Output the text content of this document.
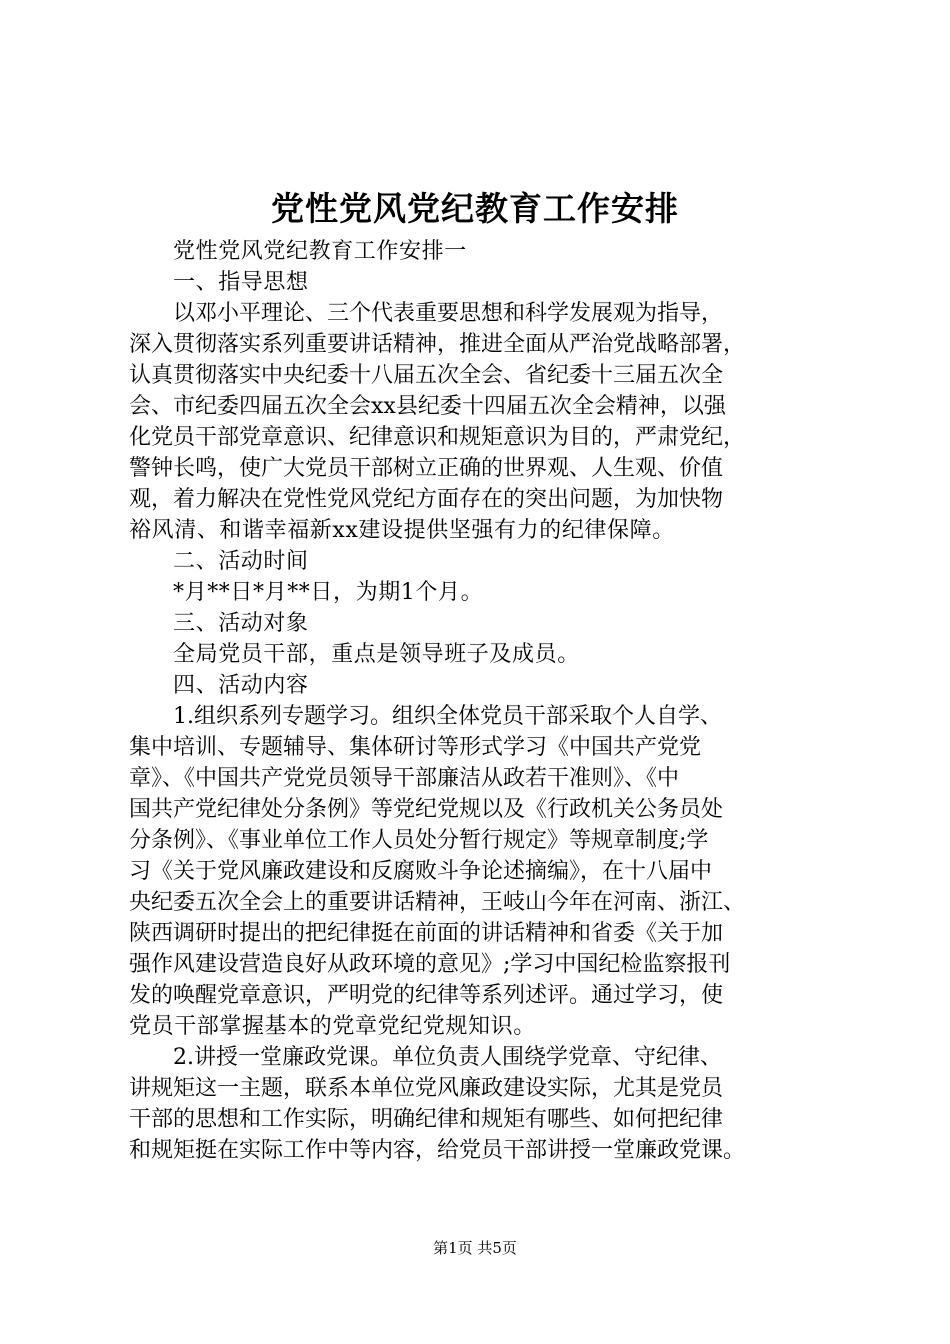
党性党风党纪教育工作安排
党性党风党纪教育工作安排一
一、指导思想
以邓小平理论、三个代表重要思想和科学发展观为指导，
深入贯彻落实系列重要讲话精神，推进全面从严治党战略部署，
认真贯彻落实中央纪委十八届五次全会、省纪委十三届五次全
会、市纪委四届五次全会xx县纪委十四届五次全会精神，以强
化党员干部党章意识、纪律意识和规矩意识为目的，严肃党纪，
警钟长鸣，使广大党员干部树立正确的世界观、人生观、价值
观，着力解决在党性党风党纪方面存在的突出问题，为加快物
裕风清、和谐幸福新xx建设提供坚强有力的纪律保障。
二、活动时间
*月**日*月**日，为期1个月。
三、活动对象
全局党员干部，重点是领导班子及成员。
四、活动内容
1.组织系列专题学习。组织全体党员干部采取个人自学、
集中培训、专题辅导、集体研讨等形式学习《中国共产党党
章》、《中国共产党党员领导干部廉洁从政若干准则》、《中
国共产党纪律处分条例》等党纪党规以及《行政机关公务员处
分条例》、《事业单位工作人员处分暂行规定》等规章制度;学
习《关于党风廉政建设和反腐败斗争论述摘编》，在十八届中
央纪委五次全会上的重要讲话精神，王岐山今年在河南、浙江、
陕西调研时提出的把纪律挺在前面的讲话精神和省委《关于加
强作风建设营造良好从政环境的意见》;学习中国纪检监察报刊
发的唤醒党章意识，严明党的纪律等系列述评。通过学习，使
党员干部掌握基本的党章党纪党规知识。
2.讲授一堂廉政党课。单位负责人围绕学党章、守纪律、
讲规矩这一主题，联系本单位党风廉政建设实际，尤其是党员
干部的思想和工作实际，明确纪律和规矩有哪些、如何把纪律
和规矩挺在实际工作中等内容，给党员干部讲授一堂廉政党课。
第1页 共5页
